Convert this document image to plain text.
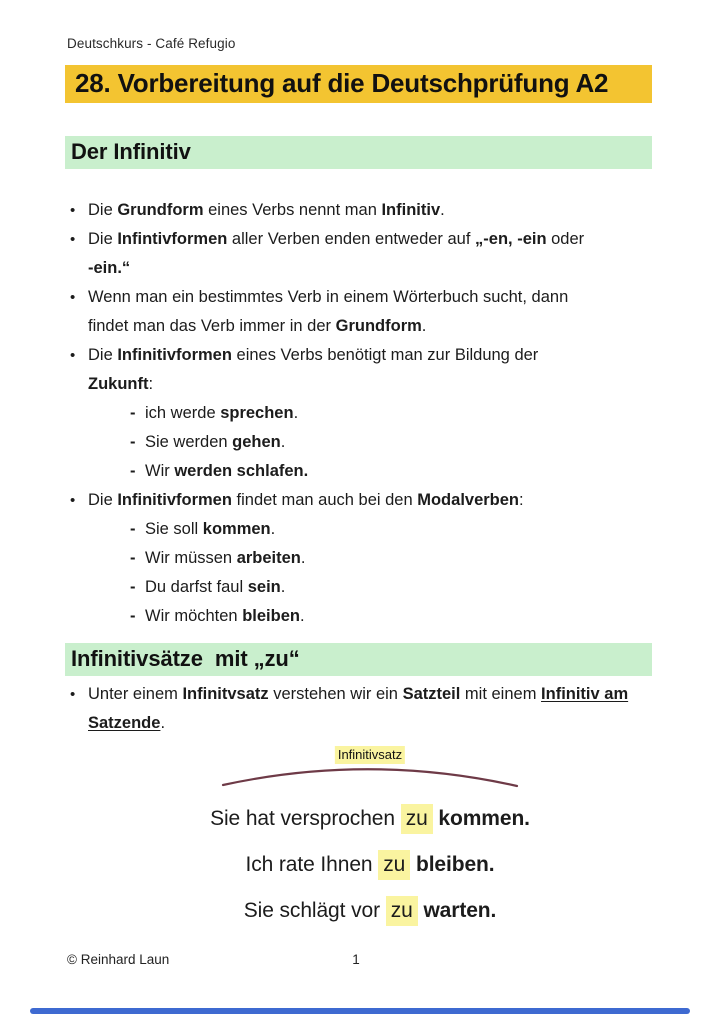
Deutschkurs - Café Refugio
28. Vorbereitung auf die Deutschprüfung A2
Der Infinitiv
• Die Grundform eines Verbs nennt man Infinitiv.
• Die Infintivformen aller Verben enden entweder auf „-en, -ein oder
-ein.“
• Wenn man ein bestimmtes Verb in einem Wörterbuch sucht, dann
findet man das Verb immer in der Grundform.
• Die Infinitivformen eines Verbs benötigt man zur Bildung der
Zukunft:
- ich werde sprechen.
- Sie werden gehen.
- Wir werden schlafen.
• Die Infinitivformen findet man auch bei den Modalverben:
- Sie soll kommen.
- Wir müssen arbeiten.
- Du darfst faul sein.
- Wir möchten bleiben.
Infinitivsätze  mit „zu“
• Unter einem Infinitvsatz verstehen wir ein Satzteil mit einem Infinitiv am
Satzende.
Infinitivsatz
Sie hat versprochen zu kommen.
Ich rate Ihnen zu bleiben.
Sie schlägt vor zu warten.
© Reinhard Laun	1
